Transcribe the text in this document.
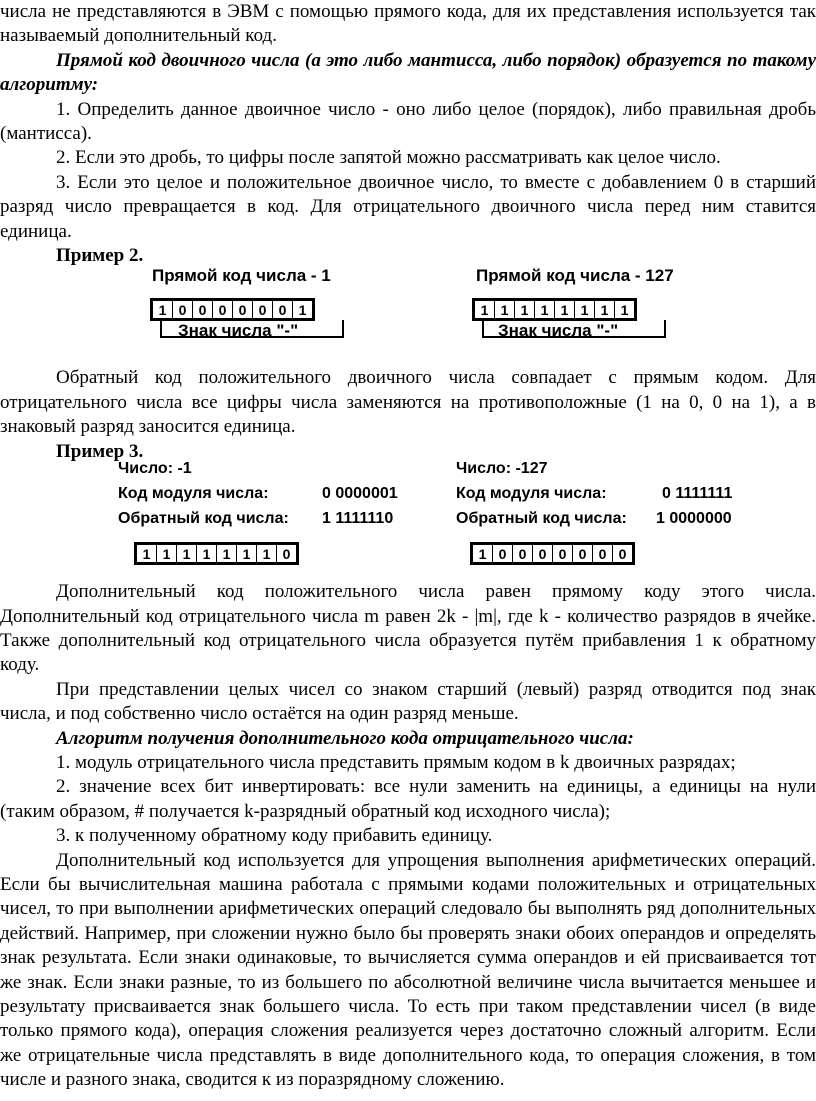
числа не представляются в ЭВМ с помощью прямого кода, для их представления используется так называемый дополнительный код.

Прямой код двоичного числа (а это либо мантисса, либо порядок) образуется по такому алгоритму:

1. Определить данное двоичное число - оно либо целое (порядок), либо правильная дробь (мантисса).

2. Если это дробь, то цифры после запятой можно рассматривать как целое число.

3. Если это целое и положительное двоичное число, то вместе с добавлением 0 в старший разряд число превращается в код. Для отрицательного двоичного числа перед ним ставится единица.

Пример 2.

Прямой код числа - 1
1 0 0 0 0 0 0 1
Знак числа "-"
Прямой код числа - 127
1 1 1 1 1 1 1 1
Знак числа "-"

Обратный код положительного двоичного числа совпадает с прямым кодом. Для отрицательного числа все цифры числа заменяются на противоположные (1 на 0, 0 на 1), а в знаковый разряд заносится единица.

Пример 3.

Число: -1
Код модуля числа:	0 0000001
Обратный код числа: 1 1111110
1 1 1 1 1 1 1 0
Число: -127
Код модуля числа:	0 1111111
Обратный код числа: 1 0000000
1 0 0 0 0 0 0 0

Дополнительный код положительного числа равен прямому коду этого числа. Дополнительный код отрицательного числа m равен 2k - |m|, где k - количество разрядов в ячейке. Также дополнительный код отрицательного числа образуется путём прибавления 1 к обратному коду.

При представлении целых чисел со знаком старший (левый) разряд отводится под знак числа, и под собственно число остаётся на один разряд меньше.

Алгоритм получения дополнительного кода отрицательного числа:

1. модуль отрицательного числа представить прямым кодом в k двоичных разрядах;

2. значение всех бит инвертировать: все нули заменить на единицы, а единицы на нули (таким образом, # получается k-разрядный обратный код исходного числа);

3. к полученному обратному коду прибавить единицу.

Дополнительный код используется для упрощения выполнения арифметических операций. Если бы вычислительная машина работала с прямыми кодами положительных и отрицательных чисел, то при выполнении арифметических операций следовало бы выполнять ряд дополнительных действий. Например, при сложении нужно было бы проверять знаки обоих операндов и определять знак результата. Если знаки одинаковые, то вычисляется сумма операндов и ей присваивается тот же знак. Если знаки разные, то из большего по абсолютной величине числа вычитается меньшее и результату присваивается знак большего числа. То есть при таком представлении чисел (в виде только прямого кода), операция сложения реализуется через достаточно сложный алгоритм. Если же отрицательные числа представлять в виде дополнительного кода, то операция сложения, в том числе и разного знака, сводится к из поразрядному сложению.
